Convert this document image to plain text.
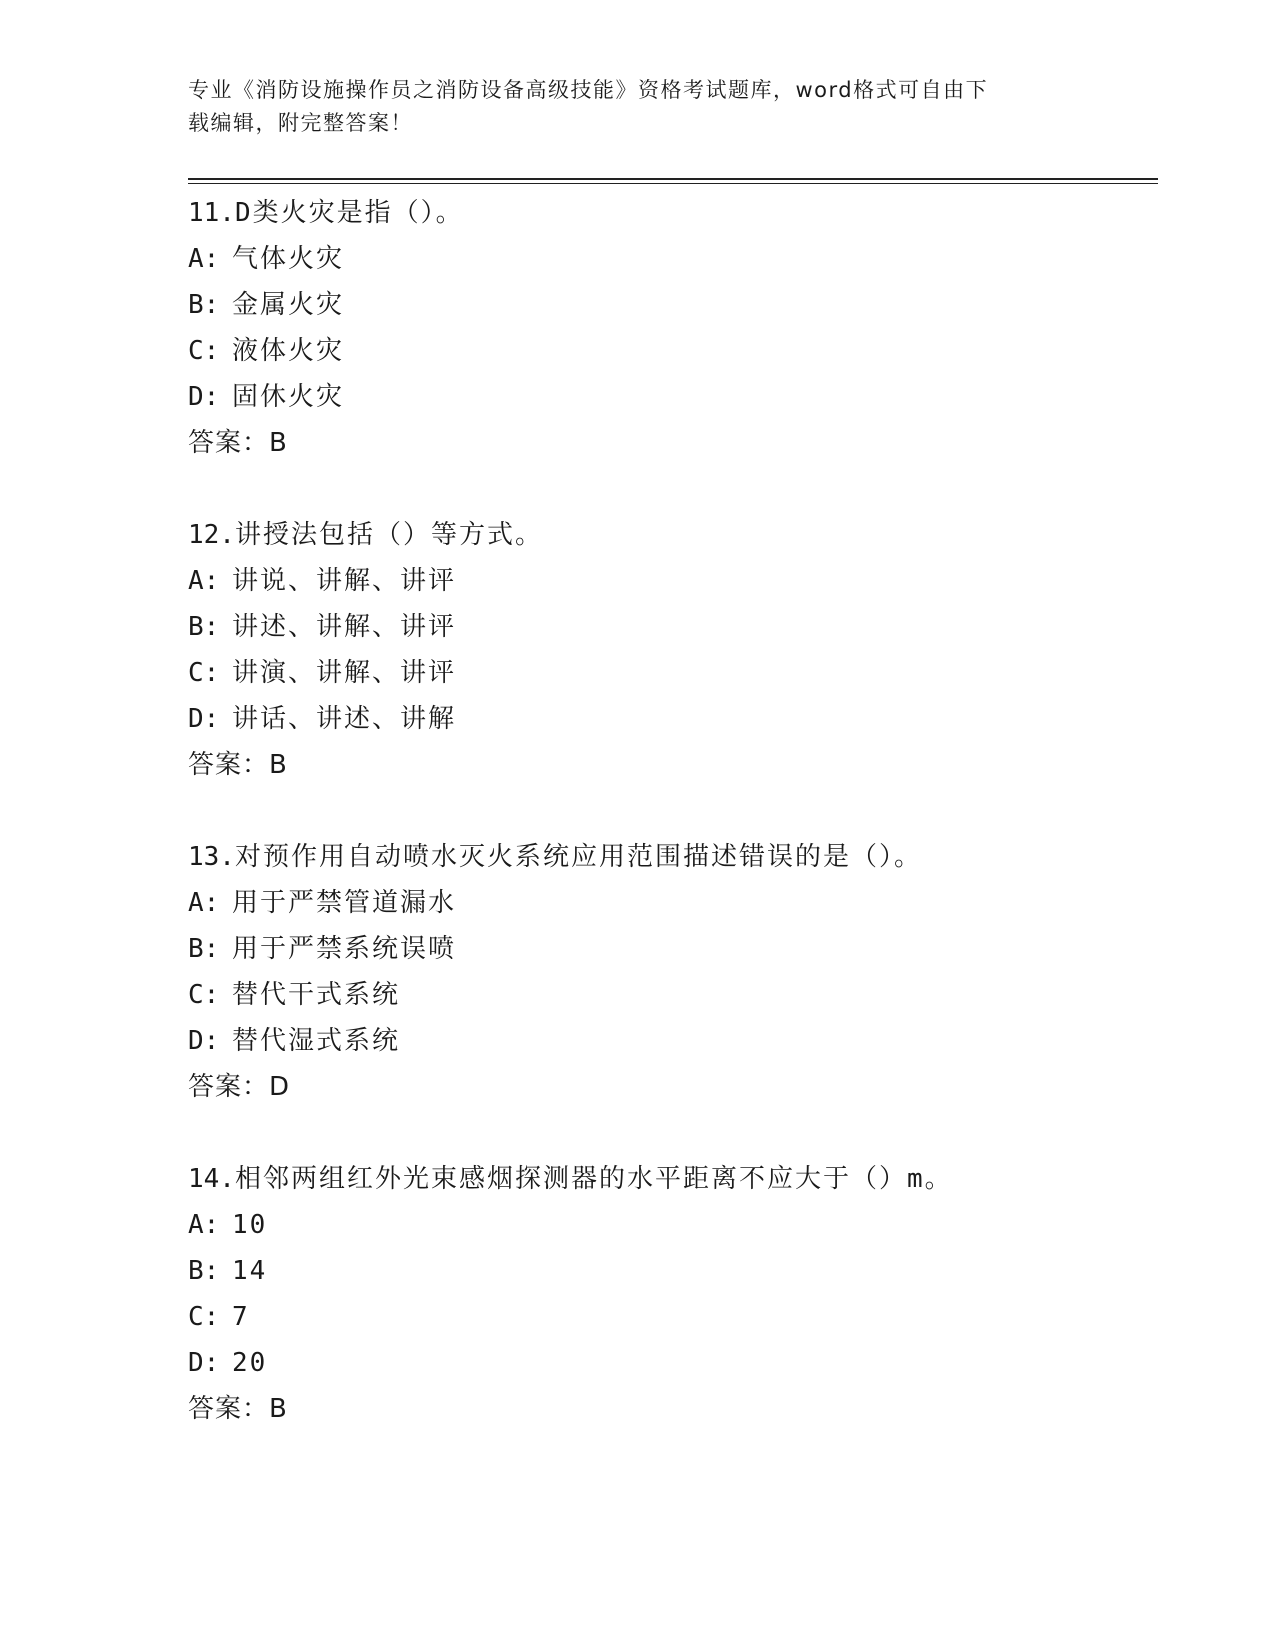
专业《消防设施操作员之消防设备高级技能》资格考试题库，word格式可自由下
载编辑，附完整答案！
11.D类火灾是指（）。
A: 气体火灾
B: 金属火灾
C: 液体火灾
D: 固休火灾
答案：B
12.讲授法包括（）等方式。
A: 讲说、讲解、讲评
B: 讲述、讲解、讲评
C: 讲演、讲解、讲评
D: 讲话、讲述、讲解
答案：B
13.对预作用自动喷水灭火系统应用范围描述错误的是（）。
A: 用于严禁管道漏水
B: 用于严禁系统误喷
C: 替代干式系统
D: 替代湿式系统
答案：D
14.相邻两组红外光束感烟探测器的水平距离不应大于（）m。
A: 10
B: 14
C: 7
D: 20
答案：B
